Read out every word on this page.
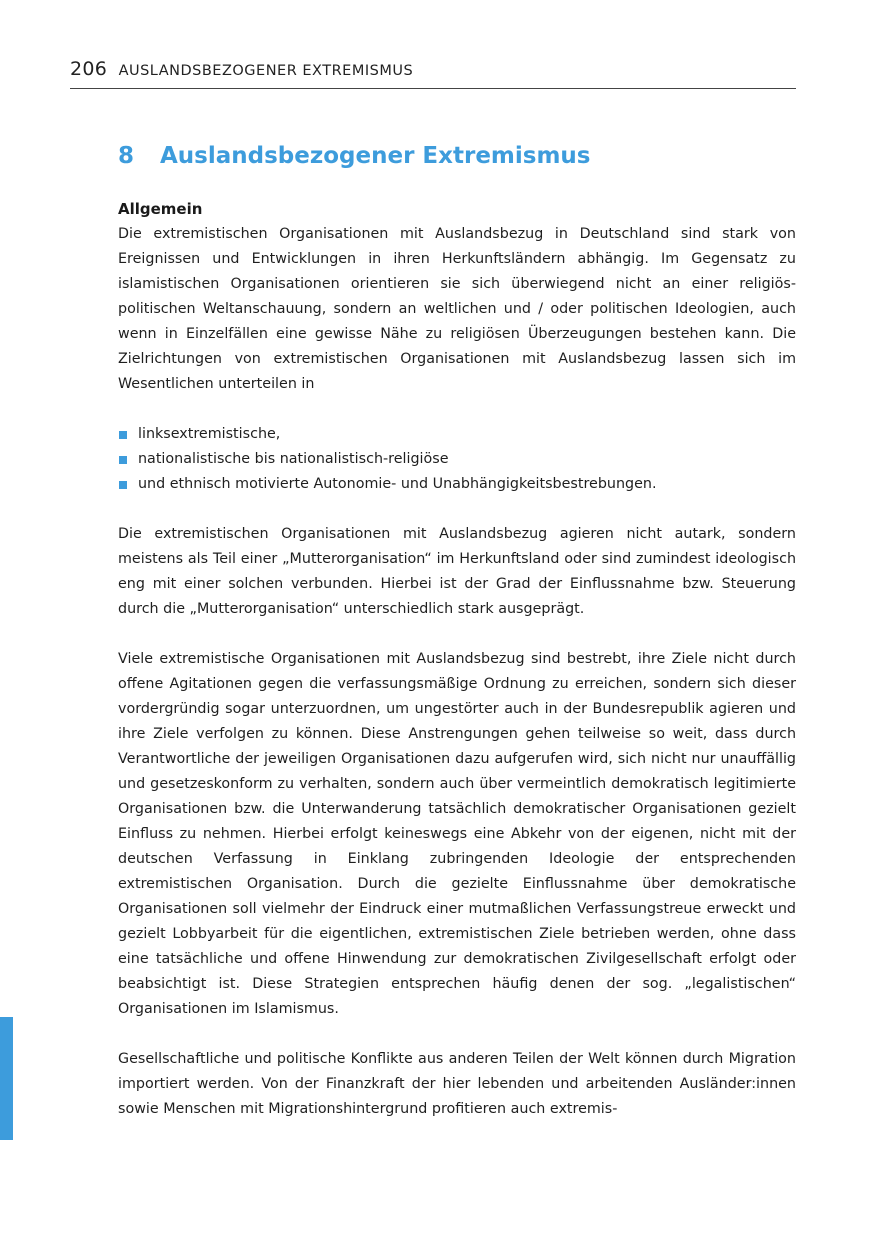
206 AUSLANDSBEZOGENER EXTREMISMUS
8 Auslandsbezogener Extremismus
Allgemein

Die extremistischen Organisationen mit Auslandsbezug in Deutschland sind stark von Ereignissen und Entwicklungen in ihren Herkunftsländern abhängig. Im Gegensatz zu islamistischen Organisationen orientieren sie sich überwiegend nicht an einer religiöspolitischen Weltanschauung, sondern an weltlichen und / oder politischen Ideologien, auch wenn in Einzelfällen eine gewisse Nähe zu religiösen Überzeugungen bestehen kann. Die Zielrichtungen von extremistischen Organisationen mit Auslandsbezug lassen sich im Wesentlichen unterteilen in

linksextremistische,
nationalistische bis nationalistisch-religiöse
und ethnisch motivierte Autonomie- und Unabhängigkeitsbestrebungen.

Die extremistischen Organisationen mit Auslandsbezug agieren nicht autark, sondern meistens als Teil einer „Mutterorganisation“ im Herkunftsland oder sind zumindest ideologisch eng mit einer solchen verbunden. Hierbei ist der Grad der Einflussnahme bzw. Steuerung durch die „Mutterorganisation“ unterschiedlich stark ausgeprägt.

Viele extremistische Organisationen mit Auslandsbezug sind bestrebt, ihre Ziele nicht durch offene Agitationen gegen die verfassungsmäßige Ordnung zu erreichen, sondern sich dieser vordergründig sogar unterzuordnen, um ungestörter auch in der Bundesrepublik agieren und ihre Ziele verfolgen zu können. Diese Anstrengungen gehen teilweise so weit, dass durch Verantwortliche der jeweiligen Organisationen dazu aufgerufen wird, sich nicht nur unauffällig und gesetzeskonform zu verhalten, sondern auch über vermeintlich demokratisch legitimierte Organisationen bzw. die Unterwanderung tatsächlich demokratischer Organisationen gezielt Einfluss zu nehmen. Hierbei erfolgt keineswegs eine Abkehr von der eigenen, nicht mit der deutschen Verfassung in Einklang zubringenden Ideologie der entsprechenden extremistischen Organisation. Durch die gezielte Einflussnahme über demokratische Organisationen soll vielmehr der Eindruck einer mutmaßlichen Verfassungstreue erweckt und gezielt Lobbyarbeit für die eigentlichen, extremistischen Ziele betrieben werden, ohne dass eine tatsächliche und offene Hinwendung zur demokratischen Zivilgesellschaft erfolgt oder beabsichtigt ist. Diese Strategien entsprechen häufig denen der sog. „legalistischen“ Organisationen im Islamismus.

Gesellschaftliche und politische Konflikte aus anderen Teilen der Welt können durch Migration importiert werden. Von der Finanzkraft der hier lebenden und arbeitenden Ausländer:innen sowie Menschen mit Migrationshintergrund profitieren auch extremis-
